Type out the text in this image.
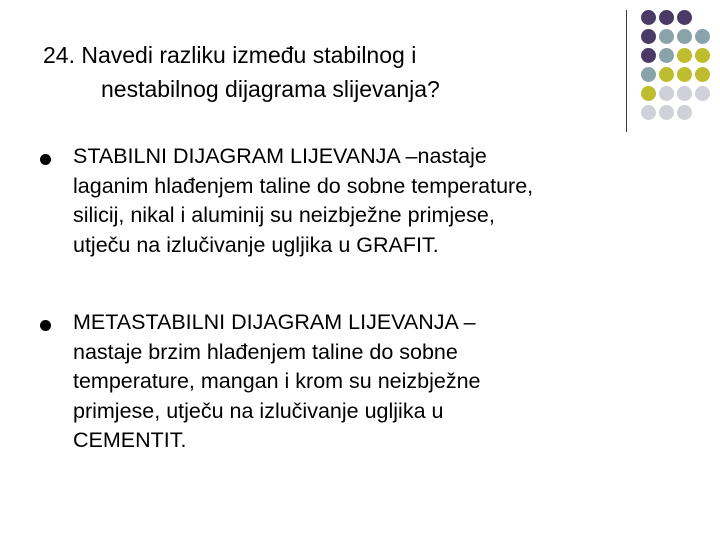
24. Navedi razliku između stabilnog i
nestabilnog dijagrama slijevanja?

STABILNI DIJAGRAM LIJEVANJA –nastaje
laganim hlađenjem taline do sobne temperature,
silicij, nikal i aluminij su neizbježne primjese,
utječu na izlučivanje ugljika u GRAFIT.

METASTABILNI DIJAGRAM LIJEVANJA –
nastaje brzim hlađenjem taline do sobne
temperature, mangan i krom su neizbježne
primjese, utječu na izlučivanje ugljika u
CEMENTIT.
